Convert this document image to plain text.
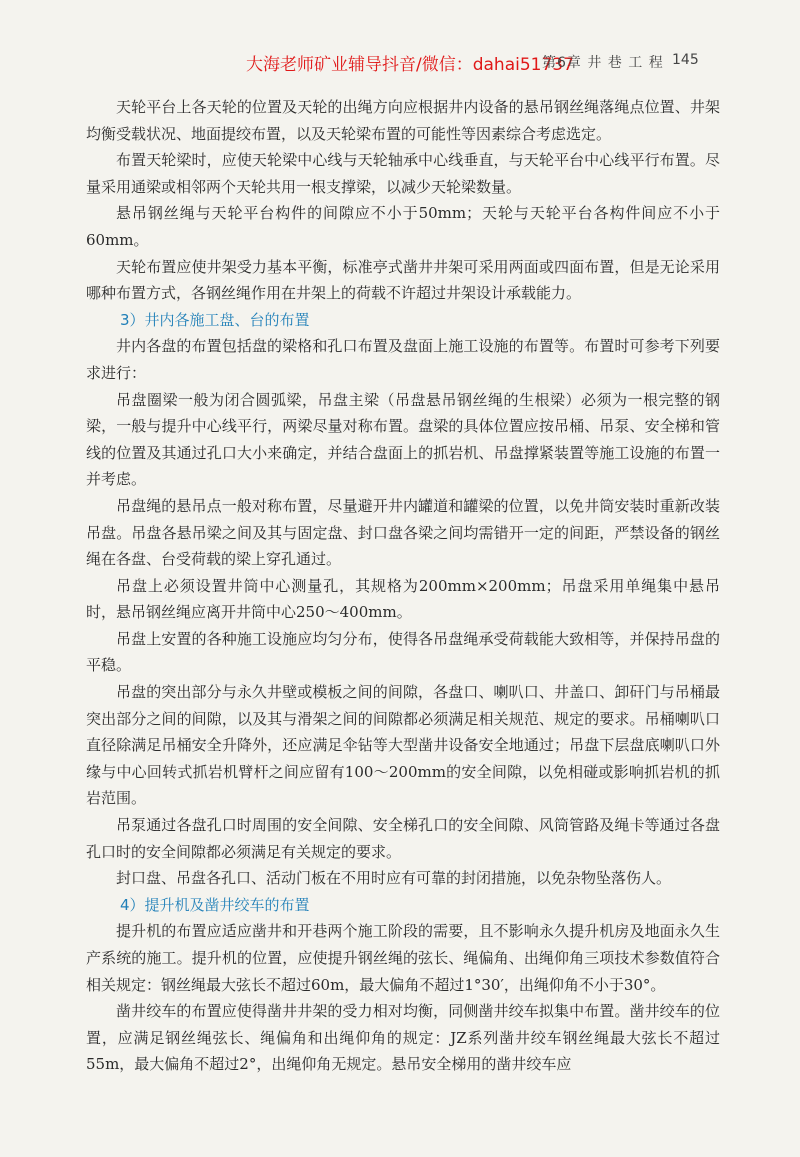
大海老师矿业辅导抖音/微信：dahai51737
第6章 井 巷 工 程 145

天轮平台上各天轮的位置及天轮的出绳方向应根据井内设备的悬吊钢丝绳落绳点位置、井架均衡受载状况、地面提绞布置，以及天轮梁布置的可能性等因素综合考虑选定。

布置天轮梁时，应使天轮梁中心线与天轮轴承中心线垂直，与天轮平台中心线平行布置。尽量采用通梁或相邻两个天轮共用一根支撑梁，以减少天轮梁数量。

悬吊钢丝绳与天轮平台构件的间隙应不小于50mm；天轮与天轮平台各构件间应不小于60mm。

天轮布置应使井架受力基本平衡，标准亭式凿井井架可采用两面或四面布置，但是无论采用哪种布置方式，各钢丝绳作用在井架上的荷载不许超过井架设计承载能力。

3）井内各施工盘、台的布置

井内各盘的布置包括盘的梁格和孔口布置及盘面上施工设施的布置等。布置时可参考下列要求进行：

吊盘圈梁一般为闭合圆弧梁，吊盘主梁（吊盘悬吊钢丝绳的生根梁）必须为一根完整的钢梁，一般与提升中心线平行，两梁尽量对称布置。盘梁的具体位置应按吊桶、吊泵、安全梯和管线的位置及其通过孔口大小来确定，并结合盘面上的抓岩机、吊盘撑紧装置等施工设施的布置一并考虑。

吊盘绳的悬吊点一般对称布置，尽量避开井内罐道和罐梁的位置，以免井筒安装时重新改装吊盘。吊盘各悬吊梁之间及其与固定盘、封口盘各梁之间均需错开一定的间距，严禁设备的钢丝绳在各盘、台受荷载的梁上穿孔通过。

吊盘上必须设置井筒中心测量孔，其规格为200mm×200mm；吊盘采用单绳集中悬吊时，悬吊钢丝绳应离开井筒中心250～400mm。

吊盘上安置的各种施工设施应均匀分布，使得各吊盘绳承受荷载能大致相等，并保持吊盘的平稳。

吊盘的突出部分与永久井壁或模板之间的间隙，各盘口、喇叭口、井盖口、卸矸门与吊桶最突出部分之间的间隙，以及其与滑架之间的间隙都必须满足相关规范、规定的要求。吊桶喇叭口直径除满足吊桶安全升降外，还应满足伞钻等大型凿井设备安全地通过；吊盘下层盘底喇叭口外缘与中心回转式抓岩机臂杆之间应留有100～200mm的安全间隙，以免相碰或影响抓岩机的抓岩范围。

吊泵通过各盘孔口时周围的安全间隙、安全梯孔口的安全间隙、风筒管路及绳卡等通过各盘孔口时的安全间隙都必须满足有关规定的要求。

封口盘、吊盘各孔口、活动门板在不用时应有可靠的封闭措施，以免杂物坠落伤人。

4）提升机及凿井绞车的布置

提升机的布置应适应凿井和开巷两个施工阶段的需要，且不影响永久提升机房及地面永久生产系统的施工。提升机的位置，应使提升钢丝绳的弦长、绳偏角、出绳仰角三项技术参数值符合相关规定：钢丝绳最大弦长不超过60m，最大偏角不超过1°30′，出绳仰角不小于30°。

凿井绞车的布置应使得凿井井架的受力相对均衡，同侧凿井绞车拟集中布置。凿井绞车的位置，应满足钢丝绳弦长、绳偏角和出绳仰角的规定：JZ系列凿井绞车钢丝绳最大弦长不超过55m，最大偏角不超过2°，出绳仰角无规定。悬吊安全梯用的凿井绞车应
